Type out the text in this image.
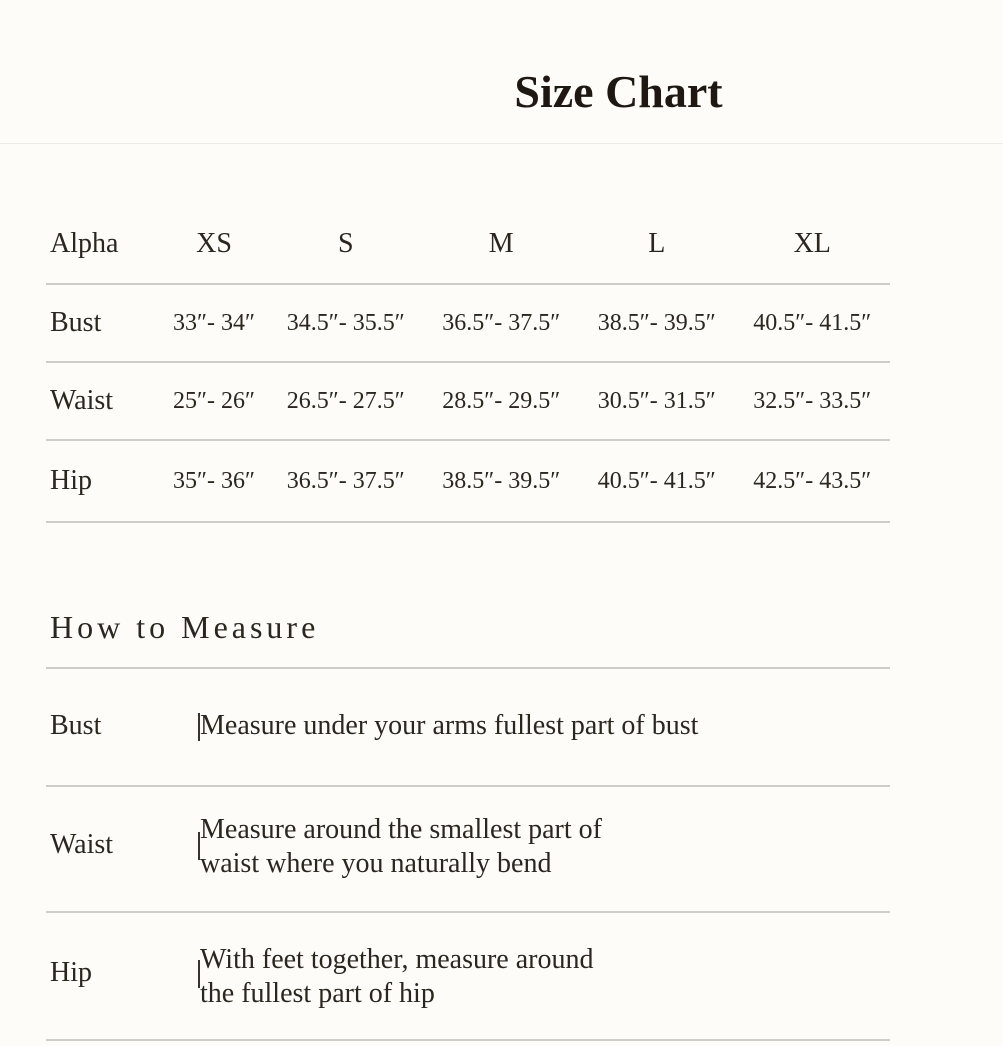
Size Chart
Alpha	XS	S	M	L	XL
Bust	33″- 34″	34.5″- 35.5″	36.5″- 37.5″	38.5″- 39.5″	40.5″- 41.5″
Waist	25″- 26″	26.5″- 27.5″	28.5″- 29.5″	30.5″- 31.5″	32.5″- 33.5″
Hip	35″- 36″	36.5″- 37.5″	38.5″- 39.5″	40.5″- 41.5″	42.5″- 43.5″
How to Measure
Bust	Measure under your arms fullest part of bust
Waist	Measure around the smallest part of
waist where you naturally bend
Hip	With feet together, measure around
the fullest part of hip
